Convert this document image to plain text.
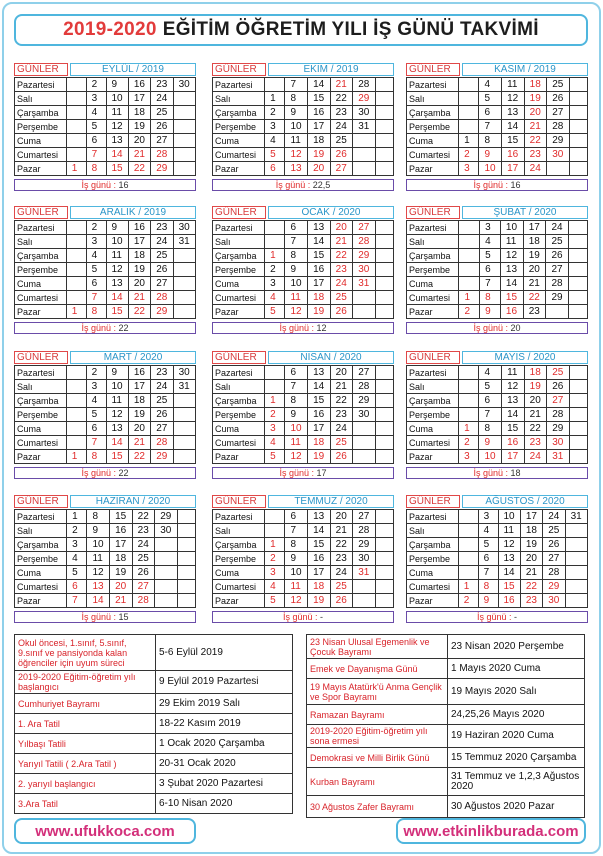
2019-2020 EĞİTİM ÖĞRETİM YILI İŞ GÜNÜ TAKVİMİ
GÜNLER	EYLÜL / 2019
Pazartesi		2	9	16	23	30
Salı		3	10	17	24	
Çarşamba		4	11	18	25	
Perşembe		5	12	19	26	
Cuma		6	13	20	27	
Cumartesi		7	14	21	28	
Pazar	1	8	15	22	29	
İş günü : 16
GÜNLER	EKİM / 2019
Pazartesi		7	14	21	28	
Salı	1	8	15	22	29	
Çarşamba	2	9	16	23	30	
Perşembe	3	10	17	24	31	
Cuma	4	11	18	25		
Cumartesi	5	12	19	26		
Pazar	6	13	20	27		
İş günü : 22,5
GÜNLER	KASIM / 2019
Pazartesi		4	11	18	25	
Salı		5	12	19	26	
Çarşamba		6	13	20	27	
Perşembe		7	14	21	28	
Cuma	1	8	15	22	29	
Cumartesi	2	9	16	23	30	
Pazar	3	10	17	24		
İş günü : 16
GÜNLER	ARALIK / 2019
Pazartesi		2	9	16	23	30
Salı		3	10	17	24	31
Çarşamba		4	11	18	25	
Perşembe		5	12	19	26	
Cuma		6	13	20	27	
Cumartesi		7	14	21	28	
Pazar	1	8	15	22	29	
İş günü : 22
GÜNLER	OCAK / 2020
Pazartesi		6	13	20	27	
Salı		7	14	21	28	
Çarşamba	1	8	15	22	29	
Perşembe	2	9	16	23	30	
Cuma	3	10	17	24	31	
Cumartesi	4	11	18	25		
Pazar	5	12	19	26		
İş günü : 12
GÜNLER	ŞUBAT / 2020
Pazartesi		3	10	17	24	
Salı		4	11	18	25	
Çarşamba		5	12	19	26	
Perşembe		6	13	20	27	
Cuma		7	14	21	28	
Cumartesi	1	8	15	22	29	
Pazar	2	9	16	23		
İş günü : 20
GÜNLER	MART / 2020
Pazartesi		2	9	16	23	30
Salı		3	10	17	24	31
Çarşamba		4	11	18	25	
Perşembe		5	12	19	26	
Cuma		6	13	20	27	
Cumartesi		7	14	21	28	
Pazar	1	8	15	22	29	
İş günü : 22
GÜNLER	NİSAN / 2020
Pazartesi		6	13	20	27	
Salı		7	14	21	28	
Çarşamba	1	8	15	22	29	
Perşembe	2	9	16	23	30	
Cuma	3	10	17	24		
Cumartesi	4	11	18	25		
Pazar	5	12	19	26		
İş günü : 17
GÜNLER	MAYIS / 2020
Pazartesi		4	11	18	25	
Salı		5	12	19	26	
Çarşamba		6	13	20	27	
Perşembe		7	14	21	28	
Cuma	1	8	15	22	29	
Cumartesi	2	9	16	23	30	
Pazar	3	10	17	24	31	
İş günü : 18
GÜNLER	HAZİRAN / 2020
Pazartesi	1	8	15	22	29	
Salı	2	9	16	23	30	
Çarşamba	3	10	17	24		
Perşembe	4	11	18	25		
Cuma	5	12	19	26		
Cumartesi	6	13	20	27		
Pazar	7	14	21	28		
İş günü : 15
GÜNLER	TEMMUZ / 2020
Pazartesi		6	13	20	27	
Salı		7	14	21	28	
Çarşamba	1	8	15	22	29	
Perşembe	2	9	16	23	30	
Cuma	3	10	17	24	31	
Cumartesi	4	11	18	25		
Pazar	5	12	19	26		
İş günü : -
GÜNLER	AĞUSTOS / 2020
Pazartesi		3	10	17	24	31
Salı		4	11	18	25	
Çarşamba		5	12	19	26	
Perşembe		6	13	20	27	
Cuma		7	14	21	28	
Cumartesi	1	8	15	22	29	
Pazar	2	9	16	23	30	
İş günü : -
Okul öncesi, 1.sınıf, 5.sınıf, 9.sınıf ve pansiyonda kalan öğrenciler için uyum süreci	5-6 Eylül 2019
2019-2020 Eğitim-öğretim yılı başlangıcı	9 Eylül 2019 Pazartesi
Cumhuriyet Bayramı	29 Ekim 2019 Salı
1. Ara Tatil	18-22 Kasım 2019
Yılbaşı Tatili	1 Ocak 2020 Çarşamba
Yarıyıl Tatili ( 2.Ara Tatil )	20-31 Ocak 2020
2. yarıyıl başlangıcı	3 Şubat 2020 Pazartesi
3.Ara Tatil	6-10 Nisan 2020
23 Nisan Ulusal Egemenlik ve Çocuk Bayramı	23 Nisan 2020 Perşembe
Emek ve Dayanışma Günü	1 Mayıs 2020 Cuma
19 Mayıs Atatürk'ü Anma Gençlik ve Spor Bayramı	19 Mayıs 2020 Salı
Ramazan Bayramı	24,25,26 Mayıs 2020
2019-2020 Eğitim-öğretim yılı sona ermesi	19 Haziran 2020 Cuma
Demokrasi ve Milli Birlik Günü	15 Temmuz 2020 Çarşamba
Kurban Bayramı	31 Temmuz ve 1,2,3 Ağustos 2020
30 Ağustos Zafer Bayramı	30 Ağustos 2020 Pazar
www.ufukkoca.com	www.etkinlikburada.com
